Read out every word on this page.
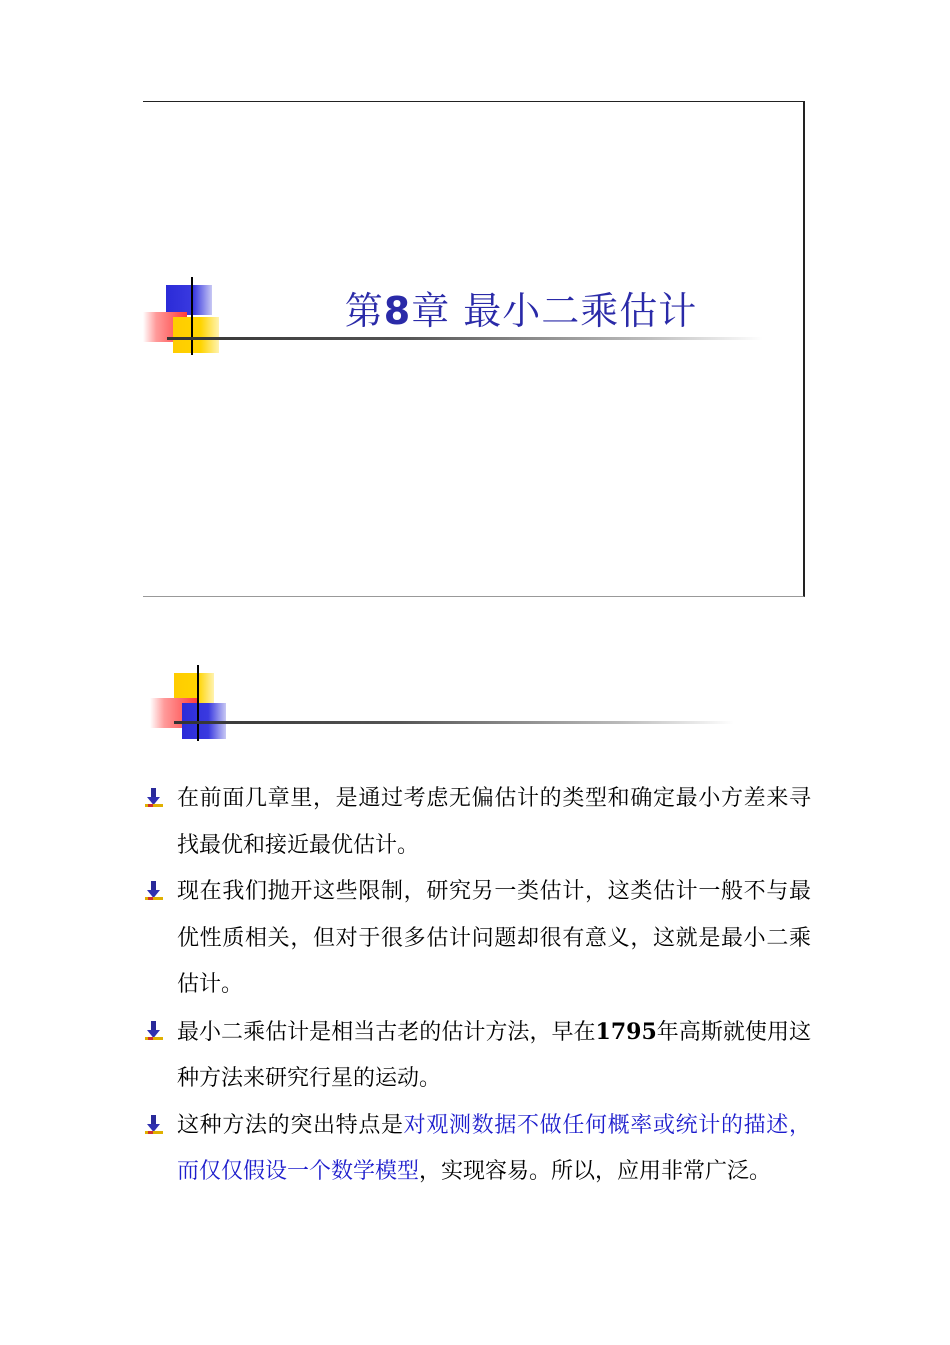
第8章 最小二乘估计
在前面几章里，是通过考虑无偏估计的类型和确定最小方差来寻找最优和接近最优估计。
现在我们抛开这些限制，研究另一类估计，这类估计一般不与最优性质相关，但对于很多估计问题却很有意义，这就是最小二乘估计。
最小二乘估计是相当古老的估计方法，早在1795年高斯就使用这种方法来研究行星的运动。
这种方法的突出特点是对观测数据不做任何概率或统计的描述，而仅仅假设一个数学模型，实现容易。所以，应用非常广泛。
